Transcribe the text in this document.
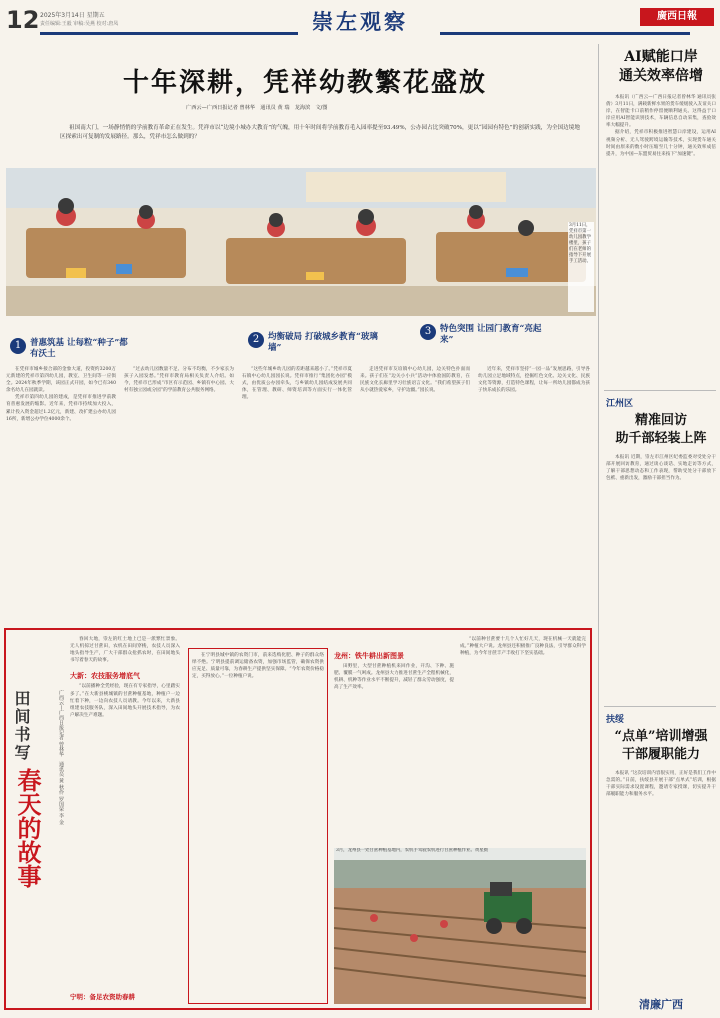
12 2025年3月14日 星期五
责任编辑:王毅 审稿:吴燕 校对:唐凤	崇左观察	廣西日報
十年深耕，凭祥幼教繁花盛放
广西云—广西日报记者 曾林华　通讯员 黄 瑞　龙海滨　文/图

祖国南大门，一场静悄悄的学前教育革命正在发生。凭祥市以“边境小城办大教育”的气魄，用十年时间将学前教育毛入园率提至93.49%，公办园占比突破70%，更以“园园有特色”的创新实践，为全国边境地区探索出可复制的发展路径。那么，凭祥市怎么做到的？

3月11日，凭祥市第一幼儿园教学楼里，孩子们在老师的指导下开展手工活动。
1	普惠筑基 让每粒“种子”都有沃土
2	均衡破局 打破城乡教育“玻璃墙”
3	特色突围 让园门教育“亮起来”

在凭祥市城乡接合部的金象大道，投资约3200万元新建的凭祥市第四幼儿园，教室、卫生间等一应俱全。2024年秋季学期，该园正式开园，如今已有340余名幼儿在园就读。

凭祥市第四幼儿园的建成，是凭祥市推进学前教育普惠发展的缩影。近年来，凭祥市持续加大投入，累计投入资金超过1.2亿元，新建、改扩建公办幼儿园16所，新增公办学位4000余个。

“过去幼儿园数量不足、分布不均衡，不少家长为孩子入园发愁。”凭祥市教育局相关负责人介绍。如今，凭祥市已形成“市区有示范园、乡镇有中心园、大村有独立园或分园”的学前教育公共服务网络。

“这些年城乡幼儿园的差距越来越小了。”凭祥市夏石镇中心幼儿园园长说。凭祥市推行“集团化办园”模式，由优质公办园牵头，与乡镇幼儿园结成发展共同体，在管理、教研、师资培训等方面实行一体化管理。

走进凭祥市友谊镇中心幼儿园，边关特色扑面而来。孩子们在“边关小小兵”活动中体验国防教育，在民族文化长廊里学习壮族语言文化。“我们希望孩子们从小就热爱家乡，守护边疆。”园长说。

近年来，凭祥市坚持“一园一品”发展思路，引导各幼儿园立足地域特点，挖掘红色文化、边关文化、民族文化等资源，打造特色课程，让每一所幼儿园都成为孩子快乐成长的乐园。

AI赋能口岸
通关效率倍增

本报讯（广西云—广西日报记者曾林华 通讯员张倩）3月11日，满载新鲜水果的货车缓缓驶入友谊关口岸，在智能卡口前稍作停留便顺利通关。这得益于口岸应用AI智能识别技术，车辆信息自动采集，查验效率大幅提升。

据介绍，凭祥市积极推进智慧口岸建设，运用AI视频分析、无人驾驶跨境运输等技术，实现货车通关时间由原来的数小时压缩至几十分钟，通关效率成倍提升，为中国—东盟贸易往来按下“加速键”。

江州区
精准回访
助千部轻装上阵

本报讯 近期，崇左市江州区纪委监委对受处分干部开展回访教育，通过谈心谈话、实地走访等方式，了解干部思想动态和工作表现，帮助受处分干部放下包袱、重新出发，激励干部担当作为。

扶绥
“点单”培训增强
干部履职能力

本报讯 “这次培训内容很实用，正好是我们工作中急需的。”日前，扶绥县开展干部“点单式”培训，根据干部实际需求设置课程，邀请专家授课，切实提升干部履职能力和服务水平。

清廉广西
田间书写
春天的
故事
广西云—广西日报记者 曾林华　通讯员 黄 秋伶 罗国荣 李 金

春回大地，崇左的红土地上已是一派繁忙景象。无人机掠过甘蔗田，农机在田间穿梭，农技人员深入地头指导生产，广大干部群众抢抓农时，在田间地头书写着春天的故事。

大新：农技服务增底气

“以前播种全凭经验，现在有专家指导，心里踏实多了。”在大新县桃城镇的甘蔗种植基地，种植户一边忙着下种，一边向农技人员请教。今年以来，大新县组建农技服务队，深入田间地头开展技术指导，为农户解决生产难题。

在宁明县城中镇的农资门市，前来选购化肥、种子的群众络绎不绝。宁明县提前调运储备农资，加强市场监管，确保农资供应充足、质量可靠，为春耕生产提供坚实保障。“今年农资价格稳定，买得放心。”一位种植户说。

宁明：备足农资助春耕
龙州：铁牛耕出新图景

田野里，大型甘蔗种植机来回作业，开沟、下种、施肥、覆膜一气呵成。龙州县大力推进甘蔗生产全程机械化，机耕、机种等作业水平不断提升，减轻了群众劳动强度，提高了生产效率。

“以前种甘蔗要十几个人忙好几天，现在机械一天就能完成。”种植大户说。龙州县还积极推广良种良法，引导群众科学种植，为今年甘蔗丰产丰收打下坚实基础。

3月，龙州县一处甘蔗种植基地内，农机手驾驶农机进行甘蔗种植作业。黄星摄
